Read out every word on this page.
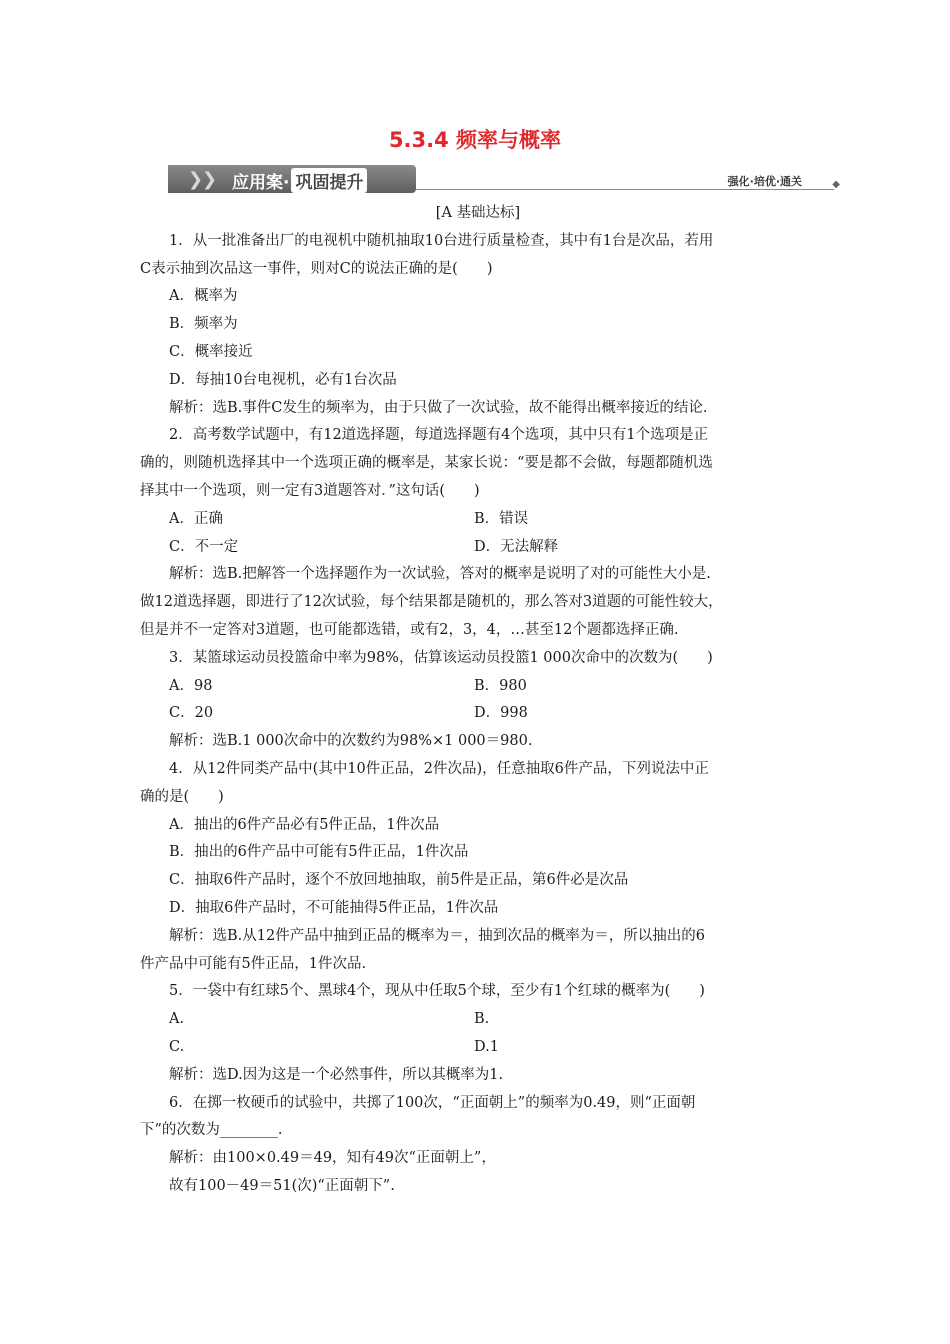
5.3.4 频率与概率
❯
❯ 应用案· 巩固提升	强化·培优·通关	◆
[A 基础达标]

1．从一批准备出厂的电视机中随机抽取10台进行质量检查，其中有1台是次品，若用

C表示抽到次品这一事件，则对C的说法正确的是(　　)

A．概率为

B．频率为

C．概率接近

D．每抽10台电视机，必有1台次品

解析：选B.事件C发生的频率为，由于只做了一次试验，故不能得出概率接近的结论.

2．高考数学试题中，有12道选择题，每道选择题有4个选项，其中只有1个选项是正

确的，则随机选择其中一个选项正确的概率是，某家长说：“要是都不会做，每题都随机选

择其中一个选项，则一定有3道题答对．”这句话(　　)

A．正确	B．错误
C．不一定	D．无法解释

解析：选B.把解答一个选择题作为一次试验，答对的概率是说明了对的可能性大小是.

做12道选择题，即进行了12次试验，每个结果都是随机的，那么答对3道题的可能性较大，

但是并不一定答对3道题，也可能都选错，或有2，3，4，…甚至12个题都选择正确.

3．某篮球运动员投篮命中率为98%，估算该运动员投篮1 000次命中的次数为(　　)

A．98	B．980
C．20	D．998

解析：选B.1 000次命中的次数约为98%×1 000＝980.

4．从12件同类产品中(其中10件正品，2件次品)，任意抽取6件产品，下列说法中正

确的是(　　)

A．抽出的6件产品必有5件正品，1件次品

B．抽出的6件产品中可能有5件正品，1件次品

C．抽取6件产品时，逐个不放回地抽取，前5件是正品，第6件必是次品

D．抽取6件产品时，不可能抽得5件正品，1件次品

解析：选B.从12件产品中抽到正品的概率为＝，抽到次品的概率为＝，所以抽出的6

件产品中可能有5件正品，1件次品.

5．一袋中有红球5个、黑球4个，现从中任取5个球，至少有1个红球的概率为(　　)

A.	B.
C.	D.1

解析：选D.因为这是一个必然事件，所以其概率为1.

6．在掷一枚硬币的试验中，共掷了100次，“正面朝上”的频率为0.49，则“正面朝

下”的次数为________.

解析：由100×0.49＝49，知有49次“正面朝上”，

故有100－49＝51(次)“正面朝下”.
